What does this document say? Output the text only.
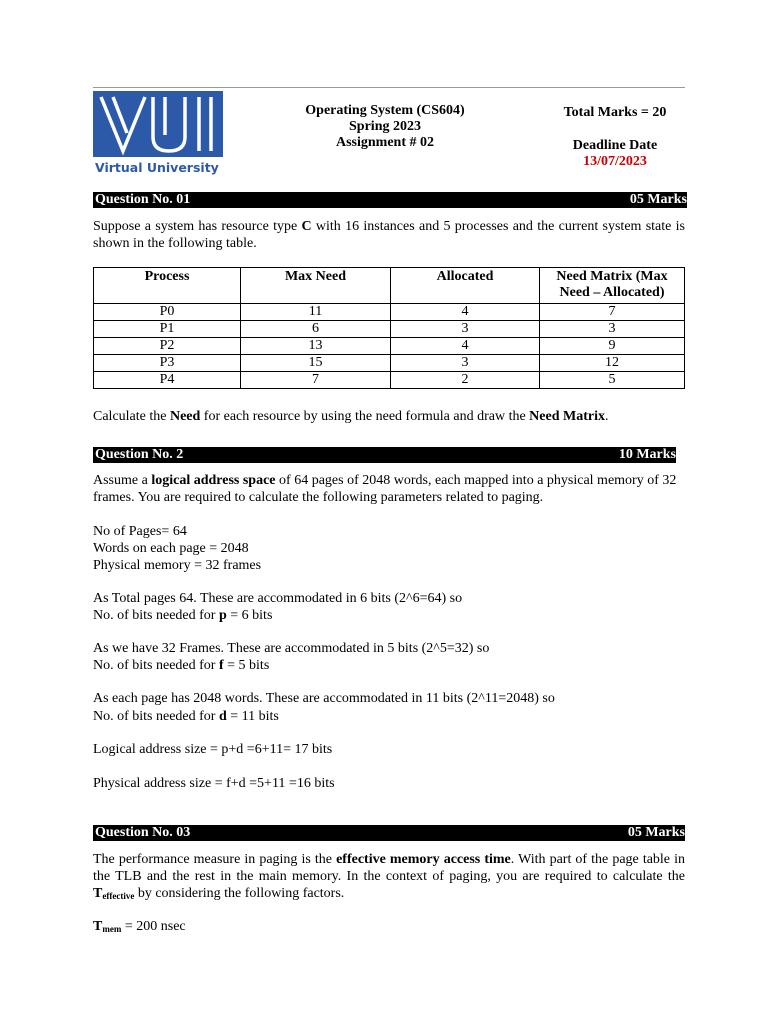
Virtual University
Operating System (CS604)
Spring 2023
Assignment # 02
Total Marks = 20
Deadline Date
13/07/2023
Question No. 01	05 Marks

Suppose a system has resource type C with 16 instances and 5 processes and the current system state is shown in the following table.

Process	Max Need	Allocated	Need Matrix (Max Need – Allocated)
P0	11	4	7
P1	6	3	3
P2	13	4	9
P3	15	3	12
P4	7	2	5

Calculate the Need for each resource by using the need formula and draw the Need Matrix.

Question No. 2	10 Marks

Assume a logical address space of 64 pages of 2048 words, each mapped into a physical memory of 32 frames. You are required to calculate the following parameters related to paging.

No of Pages= 64

Words on each page = 2048

Physical memory = 32 frames

As Total pages 64. These are accommodated in 6 bits (2^6=64) so

No. of bits needed for p = 6 bits

As we have 32 Frames. These are accommodated in 5 bits (2^5=32) so

No. of bits needed for f = 5 bits

As each page has 2048 words. These are accommodated in 11 bits (2^11=2048) so

No. of bits needed for d = 11 bits

Logical address size = p+d =6+11= 17 bits

Physical address size = f+d =5+11 =16 bits

Question No. 03	05 Marks

The performance measure in paging is the effective memory access time. With part of the page table in the TLB and the rest in the main memory. In the context of paging, you are required to calculate the $T_{effective}$ by considering the following factors.

$T_{mem} = 200$ nsec
